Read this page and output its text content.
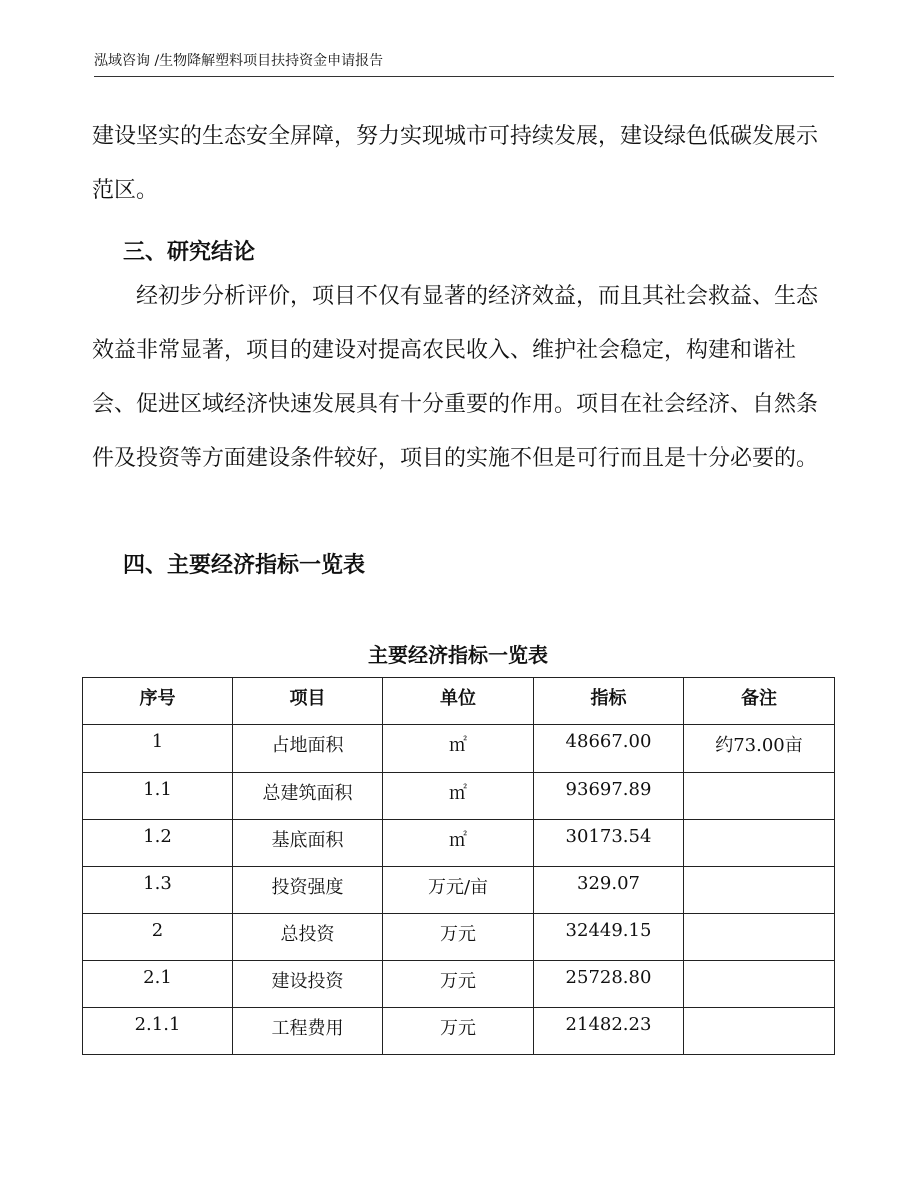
泓域咨询 /生物降解塑料项目扶持资金申请报告

建设坚实的生态安全屏障，努力实现城市可持续发展，建设绿色低碳发展示范区。

三、研究结论

经初步分析评价，项目不仅有显著的经济效益，而且其社会救益、生态效益非常显著，项目的建设对提高农民收入、维护社会稳定，构建和谐社会、促进区域经济快速发展具有十分重要的作用。项目在社会经济、自然条件及投资等方面建设条件较好，项目的实施不但是可行而且是十分必要的。

四、主要经济指标一览表
主要经济指标一览表
序号	项目	单位	指标	备注
1	占地面积	㎡	48667.00	约73.00亩
1.1	总建筑面积	㎡	93697.89	
1.2	基底面积	㎡	30173.54	
1.3	投资强度	万元/亩	329.07	
2	总投资	万元	32449.15	
2.1	建设投资	万元	25728.80	
2.1.1	工程费用	万元	21482.23	
